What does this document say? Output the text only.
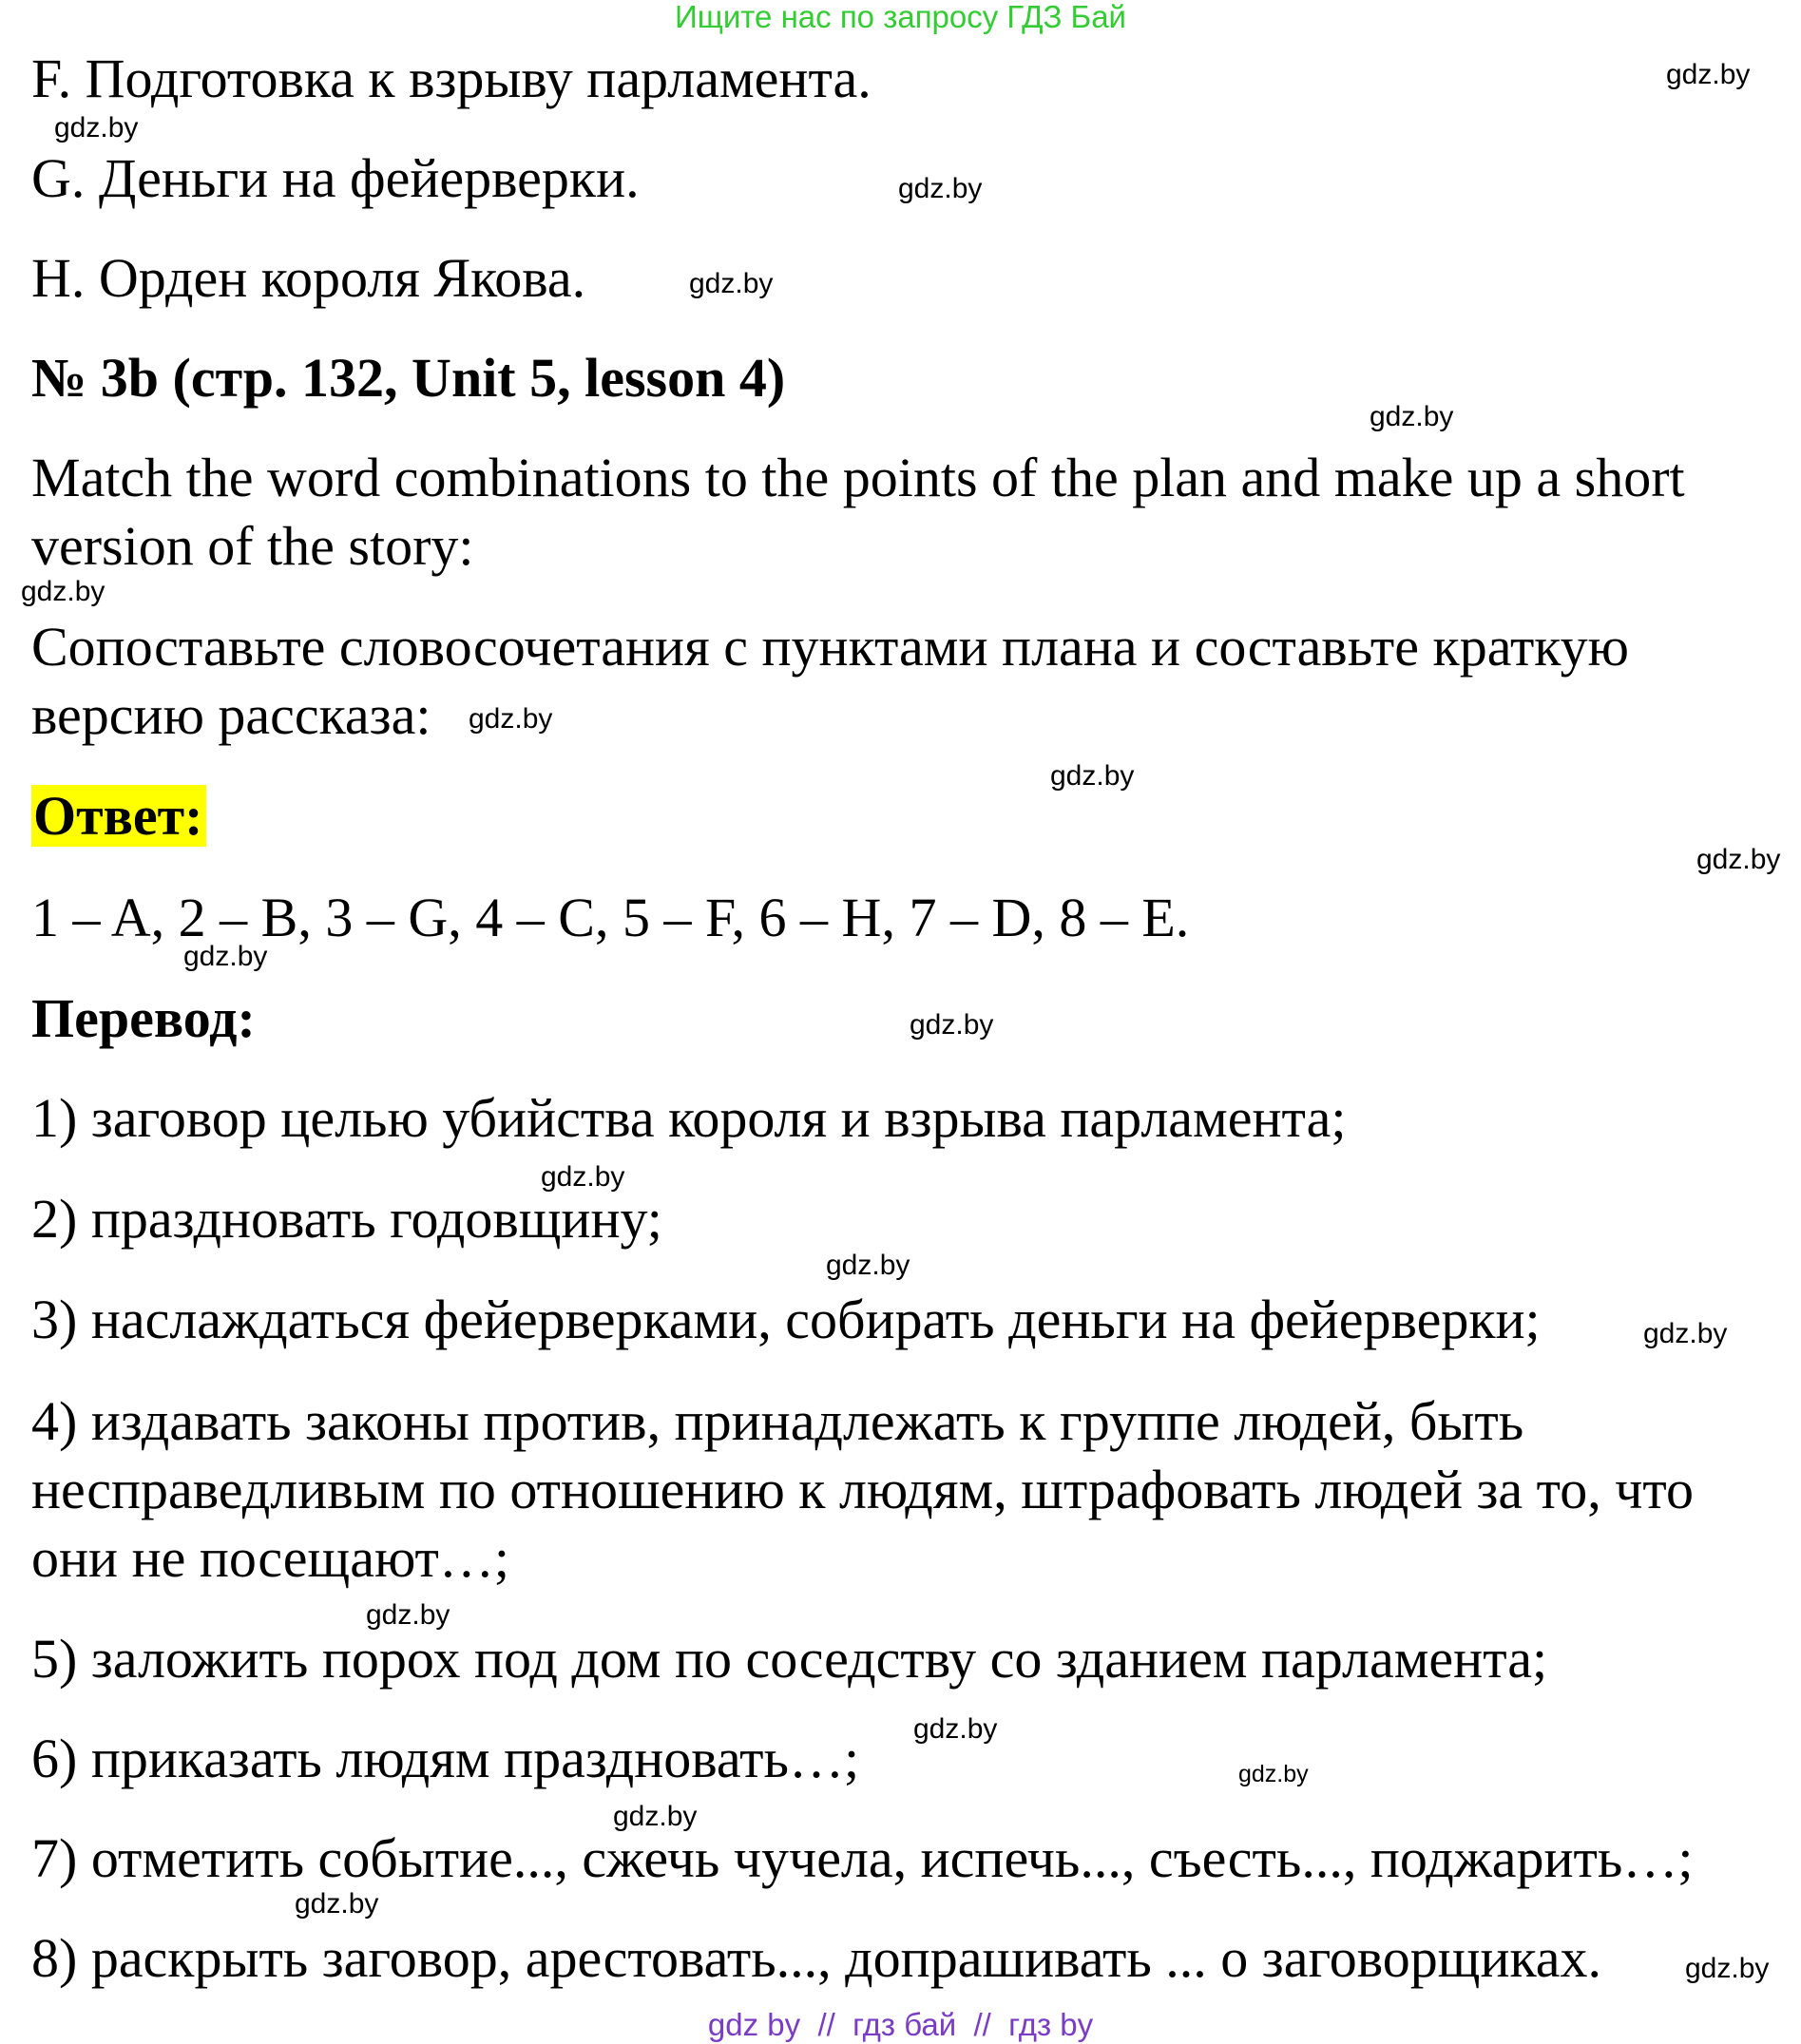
Ищите нас по запросу ГДЗ Бай
F. Подготовка к взрыву парламента.
G. Деньги на фейерверки.
H. Орден короля Якова.
№ 3b (стр. 132, Unit 5, lesson 4)
Match the word combinations to the points of the plan and make up a short
version of the story:
Сопоставьте словосочетания с пунктами плана и составьте краткую
версию рассказа:
Ответ:
1 – A, 2 – B, 3 – G, 4 – C, 5 – F, 6 – H, 7 – D, 8 – E.
Перевод:
1) заговор целью убийства короля и взрыва парламента;
2) праздновать годовщину;
3) наслаждаться фейерверками, собирать деньги на фейерверки;
4) издавать законы против, принадлежать к группе людей, быть
несправедливым по отношению к людям, штрафовать людей за то, что
они не посещают…;
5) заложить порох под дом по соседству со зданием парламента;
6) приказать людям праздновать…;
7) отметить событие..., сжечь чучела, испечь..., съесть..., поджарить…;
8) раскрыть заговор, арестовать..., допрашивать ... о заговорщиках.
gdz.by
gdz.by
gdz.by
gdz.by
gdz.by
gdz.by
gdz.by
gdz.by
gdz.by
gdz.by
gdz.by
gdz.by
gdz.by
gdz.by
gdz.by
gdz.by
gdz.by
gdz.by
gdz.by
gdz.by
gdz by  //  гдз бай  //  гдз by
